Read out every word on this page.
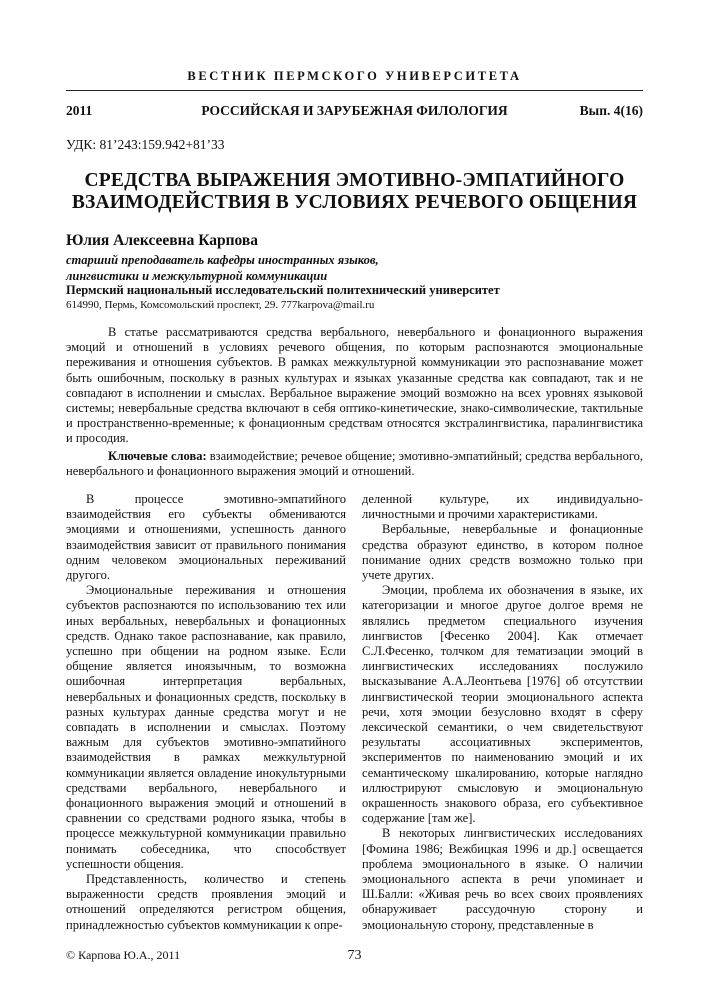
ВЕСТНИК ПЕРМСКОГО УНИВЕРСИТЕТА
2011	РОССИЙСКАЯ И ЗАРУБЕЖНАЯ ФИЛОЛОГИЯ	Вып. 4(16)
УДК: 81’243:159.942+81’33
СРЕДСТВА ВЫРАЖЕНИЯ ЭМОТИВНО-ЭМПАТИЙНОГО ВЗАИМОДЕЙСТВИЯ В УСЛОВИЯХ РЕЧЕВОГО ОБЩЕНИЯ
Юлия Алексеевна Карпова
старший преподаватель кафедры иностранных языков,
лингвистики и межкультурной коммуникации
Пермский национальный исследовательский политехнический университет
614990, Пермь, Комсомольский проспект, 29. 777karpova@mail.ru

В статье рассматриваются средства вербального, невербального и фонационного выражения эмоций и отношений в условиях речевого общения, по которым распознаются эмоциональные переживания и отношения субъектов. В рамках межкультурной коммуникации это распознавание может быть ошибочным, поскольку в разных культурах и языках указанные средства как совпадают, так и не совпадают в исполнении и смыслах. Вербальное выражение эмоций возможно на всех уровнях языковой системы; невербальные средства включают в себя оптико-кинетические, знако-символические, тактильные и пространственно-временные; к фонационным средствам относятся экстралингвистика, паралингвистика и просодия.

Ключевые слова: взаимодействие; речевое общение; эмотивно-эмпатийный; средства вербального, невербального и фонационного выражения эмоций и отношений.

В процессе эмотивно-эмпатийного взаимодействия его субъекты обмениваются эмоциями и отношениями, успешность данного взаимодействия зависит от правильного понимания одним человеком эмоциональных переживаний другого.

Эмоциональные переживания и отношения субъектов распознаются по использованию тех или иных вербальных, невербальных и фонационных средств. Однако такое распознавание, как правило, успешно при общении на родном языке. Если общение является иноязычным, то возможна ошибочная интерпретация вербальных, невербальных и фонационных средств, поскольку в разных культурах данные средства могут и не совпадать в исполнении и смыслах. Поэтому важным для субъектов эмотивно-эмпатийного взаимодействия в рамках межкультурной коммуникации является овладение инокультурными средствами вербального, невербального и фонационного выражения эмоций и отношений в сравнении со средствами родного языка, чтобы в процессе межкультурной коммуникации правильно понимать собеседника, что способствует успешности общения.

Представленность, количество и степень выраженности средств проявления эмоций и отношений определяются регистром общения, принадлежностью субъектов коммуникации к опре-

деленной культуре, их индивидуально-личностными и прочими характеристиками.

Вербальные, невербальные и фонационные средства образуют единство, в котором полное понимание одних средств возможно только при учете других.

Эмоции, проблема их обозначения в языке, их категоризации и многое другое долгое время не являлись предметом специального изучения лингвистов [Фесенко 2004]. Как отмечает С.Л.Фесенко, толчком для тематизации эмоций в лингвистических исследованиях послужило высказывание А.А.Леонтьева [1976] об отсутствии лингвистической теории эмоционального аспекта речи, хотя эмоции безусловно входят в сферу лексической семантики, о чем свидетельствуют результаты ассоциативных экспериментов, экспериментов по наименованию эмоций и их семантическому шкалированию, которые наглядно иллюстрируют смысловую и эмоциональную окрашенность знакового образа, его субъективное содержание [там же].

В некоторых лингвистических исследованиях [Фомина 1986; Вежбицкая 1996 и др.] освещается проблема эмоционального в языке. О наличии эмоционального аспекта в речи упоминает и Ш.Балли: «Живая речь во всех своих проявлениях обнаруживает рассудочную сторону и эмоциональную сторону, представленные в

© Карпова Ю.А., 2011	73
